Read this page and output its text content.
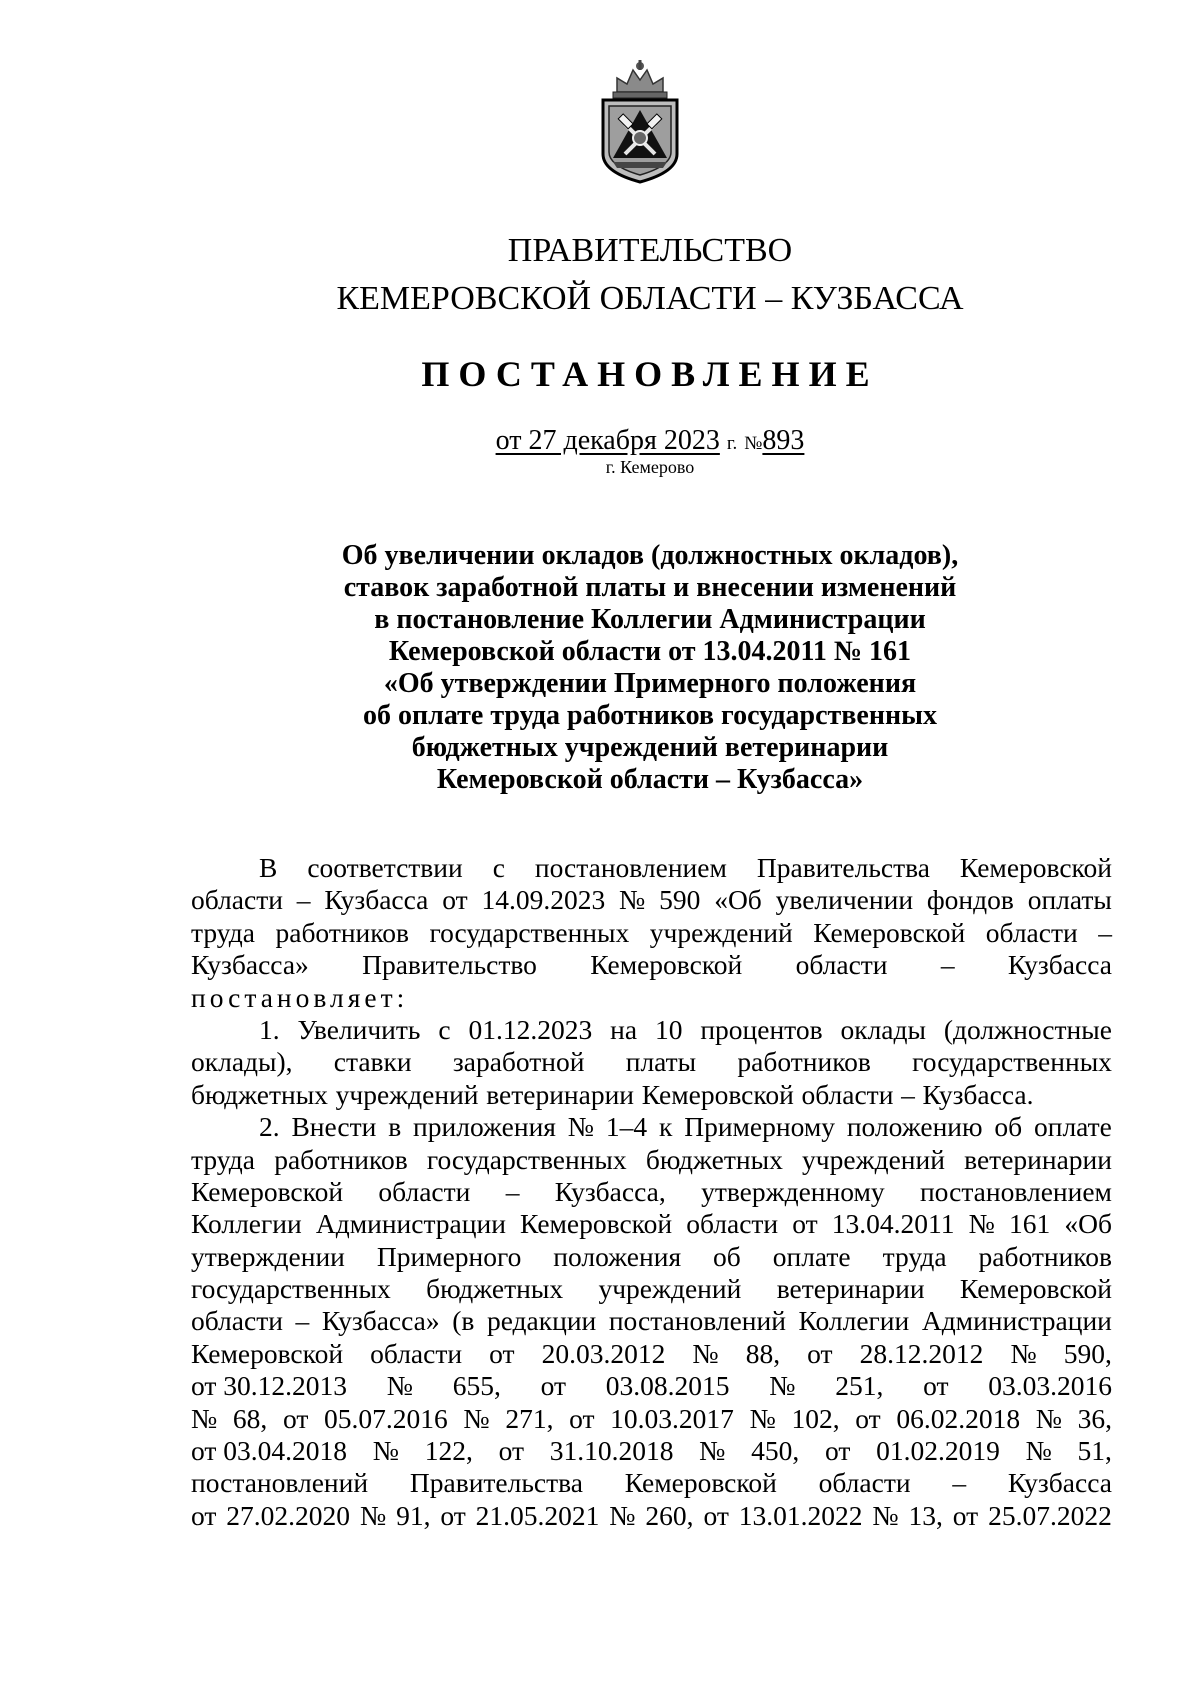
ПРАВИТЕЛЬСТВО
КЕМЕРОВСКОЙ ОБЛАСТИ – КУЗБАССА
ПОСТАНОВЛЕНИЕ
от 27 декабря 2023 г. №893
г. Кемерово
Об увеличении окладов (должностных окладов),
ставок заработной платы и внесении изменений
в постановление Коллегии Администрации
Кемеровской области от 13.04.2011 № 161
«Об утверждении Примерного положения
об оплате труда работников государственных
бюджетных учреждений ветеринарии
Кемеровской области – Кузбасса»
В соответствии с постановлением Правительства Кемеровской
области – Кузбасса от 14.09.2023 № 590 «Об увеличении фондов оплаты
труда работников государственных учреждений Кемеровской области –
Кузбасса» Правительство Кемеровской области – Кузбасса
постановляет:
1. Увеличить с 01.12.2023 на 10 процентов оклады (должностные
оклады), ставки заработной платы работников государственных
бюджетных учреждений ветеринарии Кемеровской области – Кузбасса.
2. Внести в приложения № 1–4 к Примерному положению об оплате
труда работников государственных бюджетных учреждений ветеринарии
Кемеровской области – Кузбасса, утвержденному постановлением
Коллегии Администрации Кемеровской области от 13.04.2011 № 161 «Об
утверждении Примерного положения об оплате труда работников
государственных бюджетных учреждений ветеринарии Кемеровской
области – Кузбасса» (в редакции постановлений Коллегии Администрации
Кемеровской области от 20.03.2012 № 88, от 28.12.2012 № 590,
от 30.12.2013 № 655, от 03.08.2015 № 251, от 03.03.2016
№ 68, от 05.07.2016 № 271, от 10.03.2017 № 102, от 06.02.2018 № 36,
от 03.04.2018 № 122, от 31.10.2018 № 450, от 01.02.2019 № 51,
постановлений Правительства Кемеровской области – Кузбасса
от 27.02.2020 № 91, от 21.05.2021 № 260, от 13.01.2022 № 13, от 25.07.2022
